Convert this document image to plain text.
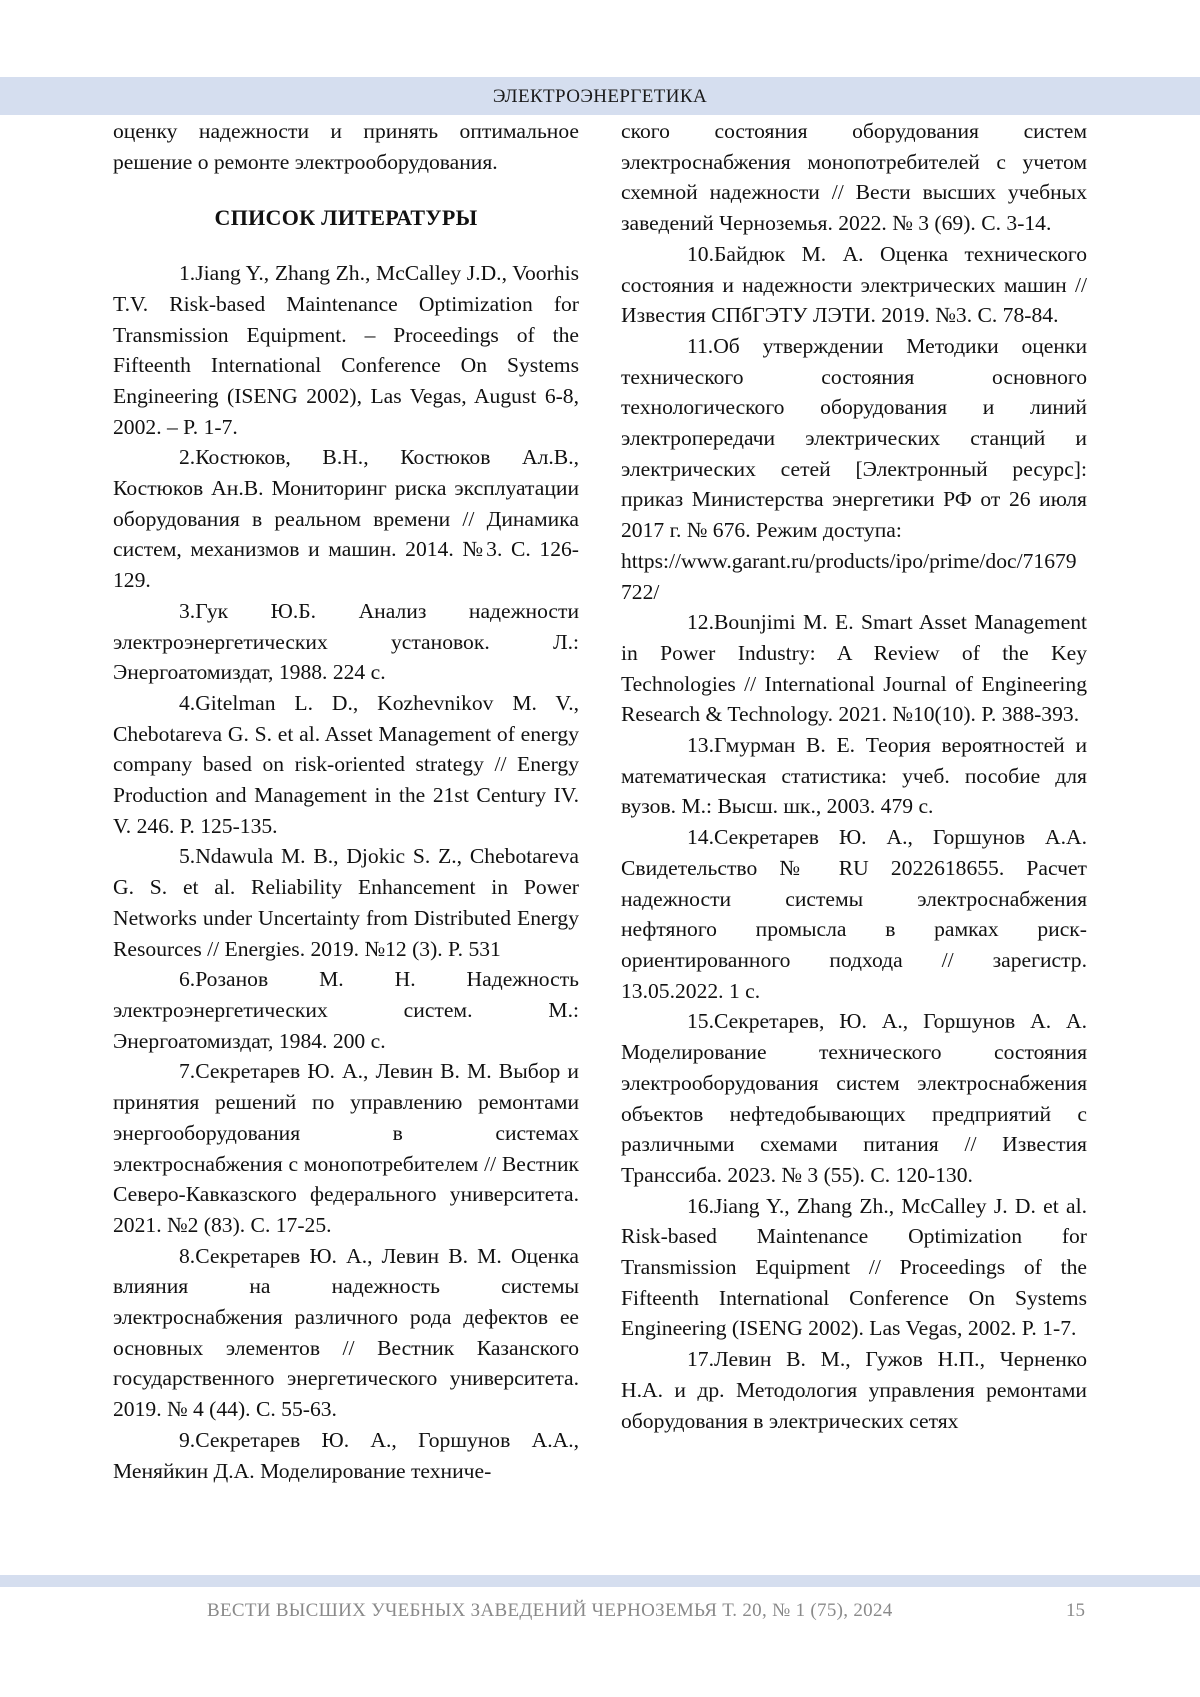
ЭЛЕКТРОЭНЕРГЕТИКА

оценку надежности и принять оптимальное решение о ремонте электрооборудования.

СПИСОК ЛИТЕРАТУРЫ

1.Jiang Y., Zhang Zh., McCalley J.D., Voorhis T.V. Risk-based Maintenance Optimization for Transmission Equipment. – Proceedings of the Fifteenth International Conference On Systems Engineering (ISENG 2002), Las Vegas, August 6-8, 2002. – P. 1-7.

2.Костюков, В.Н., Костюков Ал.В., Костюков Ан.В. Мониторинг риска эксплуатации оборудования в реальном времени // Динамика систем, механизмов и машин. 2014. №3. С. 126-129.

3.Гук Ю.Б. Анализ надежности электроэнергетических установок. Л.: Энергоатомиздат, 1988. 224 с.

4.Gitelman L. D., Kozhevnikov M. V., Chebotareva G. S. et al. Asset Management of energy company based on risk-oriented strategy // Energy Production and Management in the 21st Century IV. V. 246. P. 125-135.

5.Ndawula M. B., Djokic S. Z., Chebotareva G. S. et al. Reliability Enhancement in Power Networks under Uncertainty from Distributed Energy Resources // Energies. 2019. №12 (3). P. 531

6.Розанов М. Н. Надежность электроэнергетических систем. М.: Энергоатомиздат, 1984. 200 с.

7.Секретарев Ю. А., Левин В. М. Выбор и принятия решений по управлению ремонтами энергооборудования в системах электроснабжения с монопотребителем // Вестник Северо-Кавказского федерального университета. 2021. №2 (83). С. 17-25.

8.Секретарев Ю. А., Левин В. М. Оценка влияния на надежность системы электроснабжения различного рода дефектов ее основных элементов // Вестник Казанского государственного энергетического университета. 2019. № 4 (44). С. 55-63.

9.Секретарев Ю. А., Горшунов А.А., Меняйкин Д.А. Моделирование техниче-

ского состояния оборудования систем электроснабжения монопотребителей с учетом схемной надежности // Вести высших учебных заведений Черноземья. 2022. № 3 (69). С. 3-14.

10.Байдюк М. А. Оценка технического состояния и надежности электрических машин // Известия СПбГЭТУ ЛЭТИ. 2019. №3. С. 78-84.

11.Об утверждении Методики оценки технического состояния основного технологического оборудования и линий электропередачи электрических станций и электрических сетей [Электронный ресурс]: приказ Министерства энергетики РФ от 26 июля 2017 г. № 676. Режим доступа:

https://www.garant.ru/products/ipo/prime/doc/71679722/

12.Bounjimi M. E. Smart Asset Management in Power Industry: A Review of the Key Technologies // International Journal of Engineering Research & Technology. 2021. №10(10). P. 388-393.

13.Гмурман В. Е. Теория вероятностей и математическая статистика: учеб. пособие для вузов. М.: Высш. шк., 2003. 479 с.

14.Секретарев Ю. А., Горшунов А.А. Свидетельство № RU 2022618655. Расчет надежности системы электроснабжения нефтяного промысла в рамках риск-ориентированного подхода // зарегистр. 13.05.2022. 1 с.

15.Секретарев, Ю. А., Горшунов А. А. Моделирование технического состояния электрооборудования систем электроснабжения объектов нефтедобывающих предприятий с различными схемами питания // Известия Транссиба. 2023. № 3 (55). С. 120-130.

16.Jiang Y., Zhang Zh., McCalley J. D. et al. Risk-based Maintenance Optimization for Transmission Equipment // Proceedings of the Fifteenth International Conference On Systems Engineering (ISENG 2002). Las Vegas, 2002. P. 1-7.

17.Левин В. М., Гужов Н.П., Черненко Н.А. и др. Методология управления ремонтами оборудования в электрических сетях

ВЕСТИ ВЫСШИХ УЧЕБНЫХ ЗАВЕДЕНИЙ ЧЕРНОЗЕМЬЯ Т. 20, № 1 (75), 2024	15
